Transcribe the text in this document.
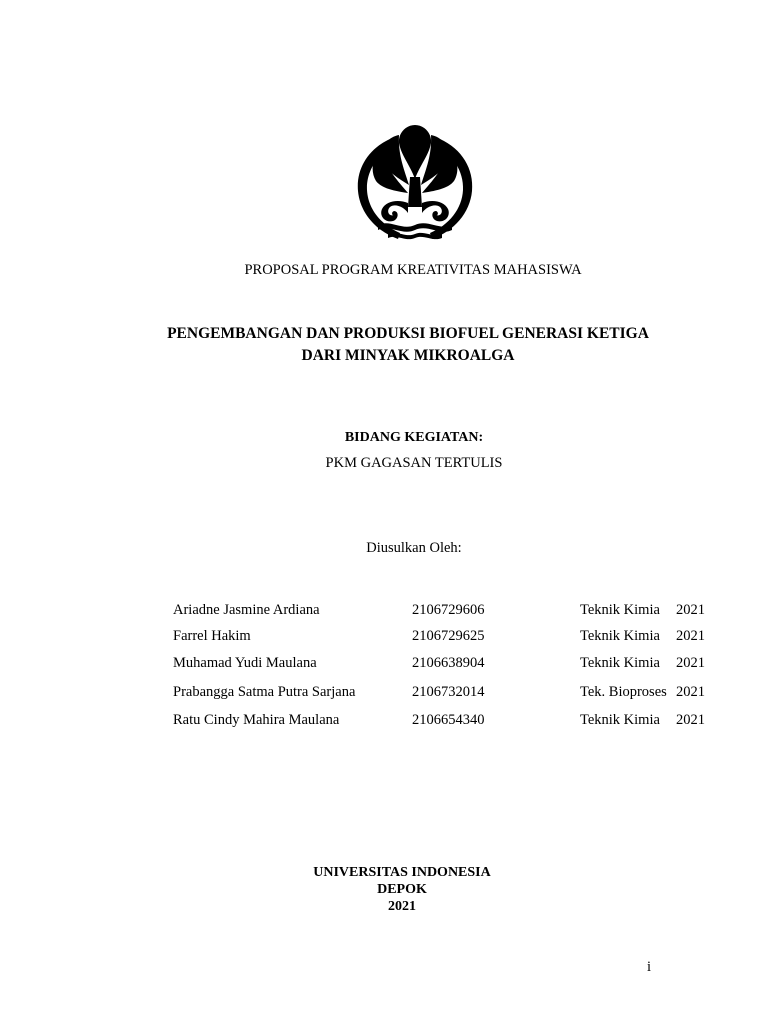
PROPOSAL PROGRAM KREATIVITAS MAHASISWA
PENGEMBANGAN DAN PRODUKSI BIOFUEL GENERASI KETIGA
DARI MINYAK MIKROALGA
BIDANG KEGIATAN:
PKM GAGASAN TERTULIS
Diusulkan Oleh:
Ariadne Jasmine Ardiana	2106729606	Teknik Kimia 2021
Farrel Hakim	2106729625	Teknik Kimia 2021
Muhamad Yudi Maulana	2106638904	Teknik Kimia 2021
Prabangga Satma Putra Sarjana	2106732014	Tek. Bioproses 2021
Ratu Cindy Mahira Maulana	2106654340	Teknik Kimia 2021
UNIVERSITAS INDONESIA
DEPOK
2021
i
